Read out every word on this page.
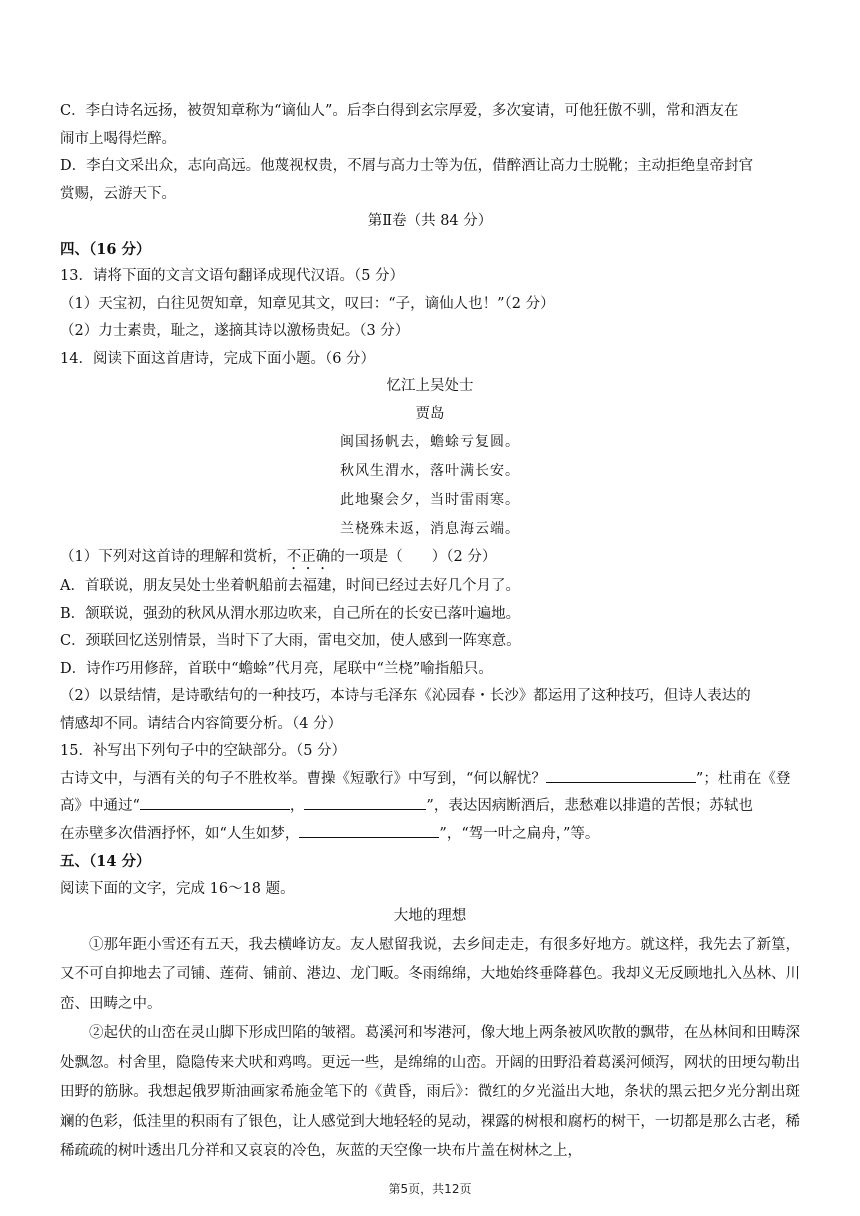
C．李白诗名远扬，被贺知章称为“谪仙人”。后李白得到玄宗厚爱，多次宴请，可他狂傲不驯，常和酒友在
闹市上喝得烂醉。
D．李白文采出众，志向高远。他蔑视权贵，不屑与高力士等为伍，借醉酒让高力士脱靴；主动拒绝皇帝封官
赏赐，云游天下。
第Ⅱ卷（共 84 分）
四、（16 分）
13．请将下面的文言文语句翻译成现代汉语。（5 分）
（1）天宝初，白往见贺知章，知章见其文，叹曰：“子，谪仙人也！”（2 分）
（2）力士素贵，耻之，遂摘其诗以激杨贵妃。（3 分）
14．阅读下面这首唐诗，完成下面小题。（6 分）
忆江上吴处士
贾岛
闽国扬帆去，蟾蜍亏复圆。
秋风生渭水，落叶满长安。
此地聚会夕，当时雷雨寒。
兰桡殊未返，消息海云端。
（1）下列对这首诗的理解和赏析，不正确的一项是（　　）（2 分）
A．首联说，朋友吴处士坐着帆船前去福建，时间已经过去好几个月了。
B．颔联说，强劲的秋风从渭水那边吹来，自己所在的长安已落叶遍地。
C．颈联回忆送别情景，当时下了大雨，雷电交加，使人感到一阵寒意。
D．诗作巧用修辞，首联中“蟾蜍”代月亮，尾联中“兰桡”喻指船只。
（2）以景结情，是诗歌结句的一种技巧，本诗与毛泽东《沁园春・长沙》都运用了这种技巧，但诗人表达的
情感却不同。请结合内容简要分析。（4 分）
15．补写出下列句子中的空缺部分。（5 分）
古诗文中，与酒有关的句子不胜枚举。曹操《短歌行》中写到，“何以解忧？	”；杜甫在《登
高》中通过“	，	”，表达因病断酒后，悲愁难以排遣的苦恨；苏轼也
在赤壁多次借酒抒怀，如“人生如梦，	”，“驾一叶之扁舟，”等。
五、（14 分）
阅读下面的文字，完成 16～18 题。
大地的理想
①那年距小雪还有五天，我去横峰访友。友人慰留我说，去乡间走走，有很多好地方。就这样，我先去了新篁，又不可自抑地去了司铺、莲荷、铺前、港边、龙门畈。冬雨绵绵，大地始终垂降暮色。我却义无反顾地扎入丛林、川峦、田畴之中。
②起伏的山峦在灵山脚下形成凹陷的皱褶。葛溪河和岑港河，像大地上两条被风吹散的飘带，在丛林间和田畴深处飘忽。村舍里，隐隐传来犬吠和鸡鸣。更远一些，是绵绵的山峦。开阔的田野沿着葛溪河倾泻，网状的田埂勾勒出田野的筋脉。我想起俄罗斯油画家希施金笔下的《黄昏，雨后》：微红的夕光溢出大地，条状的黑云把夕光分割出斑斓的色彩，低洼里的积雨有了银色，让人感觉到大地轻轻的晃动，裸露的树根和腐朽的树干，一切都是那么古老，稀稀疏疏的树叶透出几分祥和又哀哀的冷色，灰蓝的天空像一块布片盖在树林之上，
第5页，共12页
